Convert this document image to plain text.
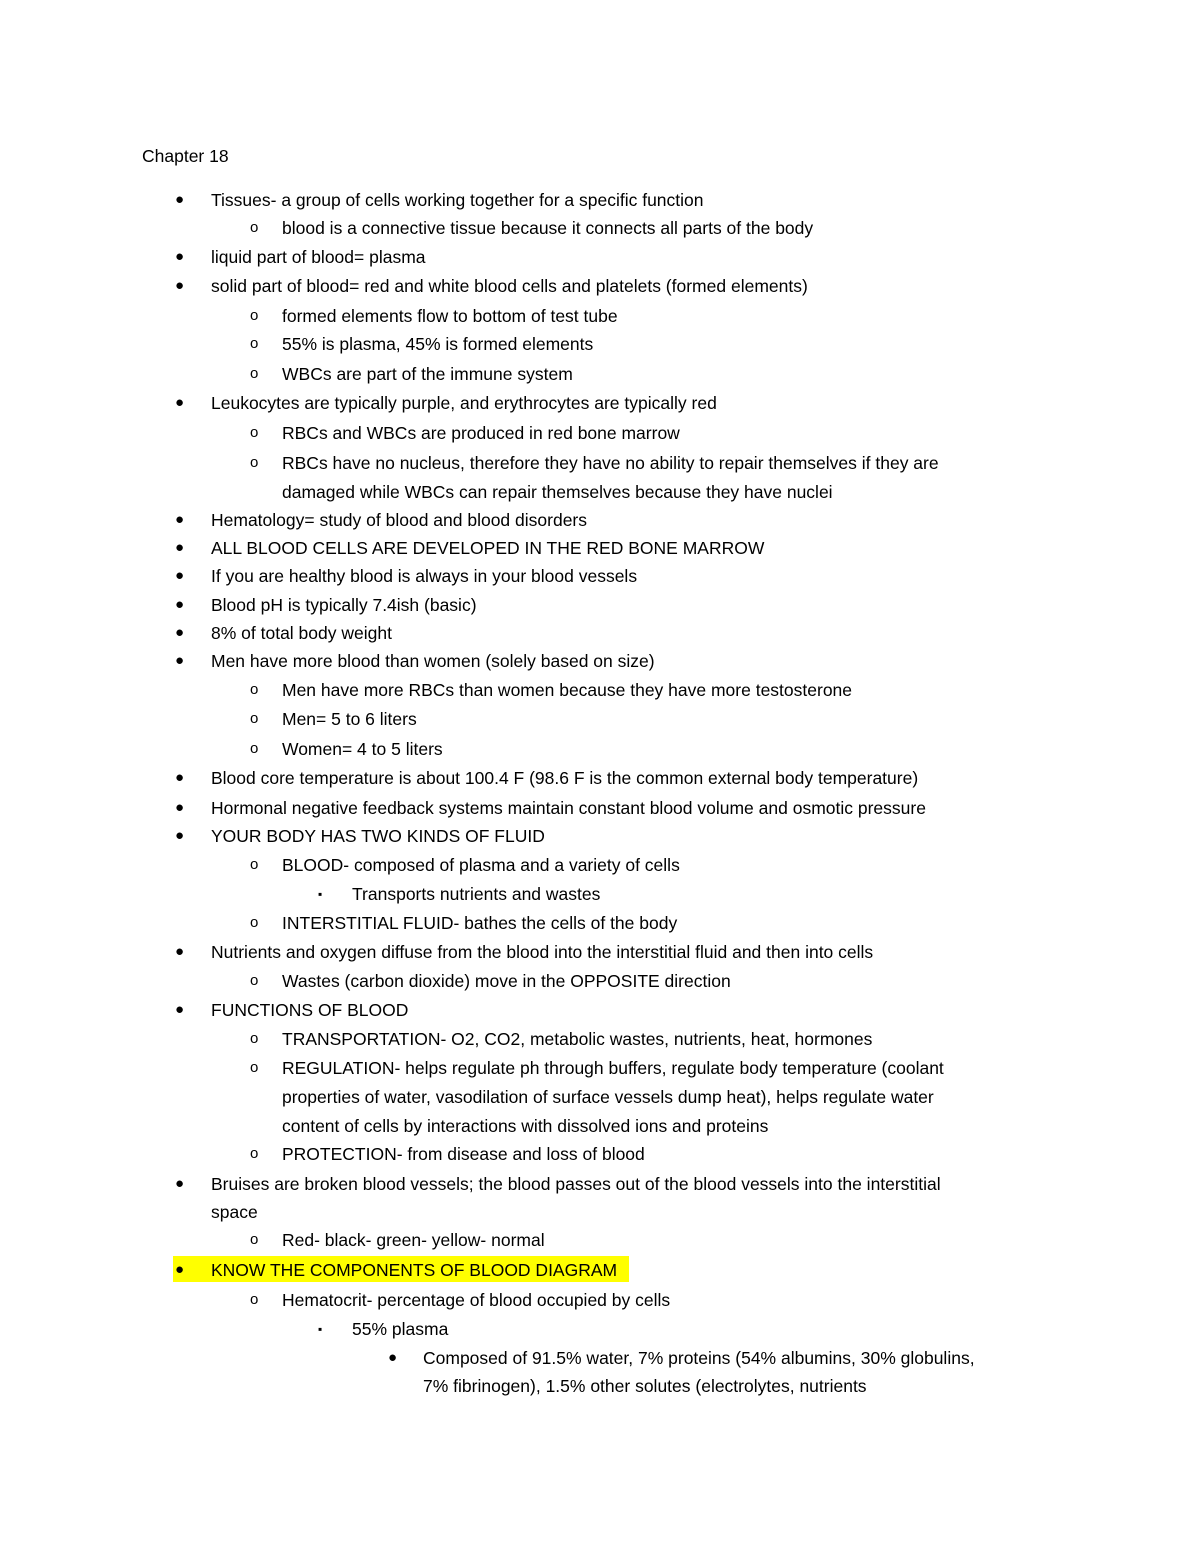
Chapter 18
●
o
●
●
o
o
o
●
o
o
●
●
●
●
●
●
o
o
o
●
●
●
o
▪
o
●
o
●
o
o
o
●
o
●
o
▪
●
Tissues- a group of cells working together for a specific function
blood is a connective tissue because it connects all parts of the body
liquid part of blood= plasma
solid part of blood= red and white blood cells and platelets (formed elements)
formed elements flow to bottom of test tube
55% is plasma, 45% is formed elements
WBCs are part of the immune system
Leukocytes are typically purple, and erythrocytes are typically red
RBCs and WBCs are produced in red bone marrow
RBCs have no nucleus, therefore they have no ability to repair themselves if they are
damaged while WBCs can repair themselves because they have nuclei
Hematology= study of blood and blood disorders
ALL BLOOD CELLS ARE DEVELOPED IN THE RED BONE MARROW
If you are healthy blood is always in your blood vessels
Blood pH is typically 7.4ish (basic)
8% of total body weight
Men have more blood than women (solely based on size)
Men have more RBCs than women because they have more testosterone
Men= 5 to 6 liters
Women= 4 to 5 liters
Blood core temperature is about 100.4 F (98.6 F is the common external body temperature)
Hormonal negative feedback systems maintain constant blood volume and osmotic pressure
YOUR BODY HAS TWO KINDS OF FLUID
BLOOD- composed of plasma and a variety of cells
Transports nutrients and wastes
INTERSTITIAL FLUID- bathes the cells of the body
Nutrients and oxygen diffuse from the blood into the interstitial fluid and then into cells
Wastes (carbon dioxide) move in the OPPOSITE direction
FUNCTIONS OF BLOOD
TRANSPORTATION- O2, CO2, metabolic wastes, nutrients, heat, hormones
REGULATION- helps regulate ph through buffers, regulate body temperature (coolant
properties of water, vasodilation of surface vessels dump heat), helps regulate water
content of cells by interactions with dissolved ions and proteins
PROTECTION- from disease and loss of blood
Bruises are broken blood vessels; the blood passes out of the blood vessels into the interstitial
space
Red- black- green- yellow- normal
KNOW THE COMPONENTS OF BLOOD DIAGRAM
Hematocrit- percentage of blood occupied by cells
55% plasma
Composed of 91.5% water, 7% proteins (54% albumins, 30% globulins,
7% fibrinogen), 1.5% other solutes (electrolytes, nutrients
